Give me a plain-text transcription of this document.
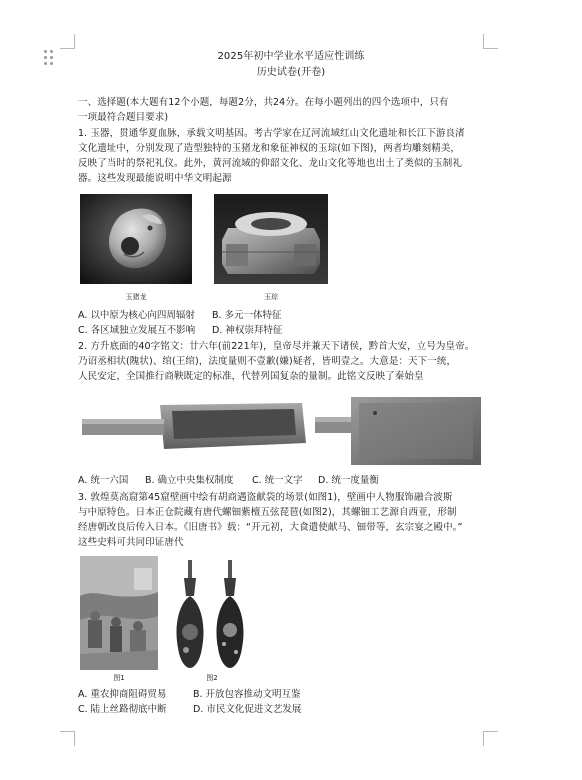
2025年初中学业水平适应性训练
历史试卷(开卷)
一、选择题(本大题有12个小题，每题2分，共24分。在每小题列出的四个选项中，只有
一项最符合题目要求)
1. 玉器，贯通华夏血脉，承载文明基因。考古学家在辽河流域红山文化遗址和长江下游良渚
文化遗址中，分别发现了造型独特的玉猪龙和象征神权的玉琮(如下图)，两者均雕刻精美，
反映了当时的祭祀礼仪。此外，黄河流域的仰韶文化、龙山文化等地也出土了类似的玉制礼
器。这些发现最能说明中华文明起源
玉猪龙	玉琮
A. 以中原为核心向四周辐射 B. 多元一体特征
C. 各区域独立发展互不影响 D. 神权崇拜特征
2. 方升底面的40字铭文：廿六年(前221年)，皇帝尽并兼天下诸侯，黔首大安，立号为皇帝。
乃诏丞相状(隗状)、绾(王绾)，法度量则不壹歉(嫌)疑者，皆明壹之。大意是：天下一统，
人民安定，全国推行商鞅既定的标准，代替列国复杂的量制。此铭文反映了秦始皇
A. 统一六国 B. 确立中央集权制度 C. 统一文字 D. 统一度量衡
3. 敦煌莫高窟第45窟壁画中绘有胡商遇盗献袋的场景(如图1)，壁画中人物服饰融合波斯
与中原特色。日本正仓院藏有唐代螺钿紫檀五弦琵琶(如图2)，其螺钿工艺源自西亚，形制
经唐朝改良后传入日本。《旧唐书》载：“开元初，大食遣使献马、钿带等，玄宗宴之殿中。”
这些史料可共同印证唐代
图1	图2
A. 重农抑商阻碍贸易	B. 开放包容推动文明互鉴
C. 陆上丝路彻底中断	D. 市民文化促进文艺发展
